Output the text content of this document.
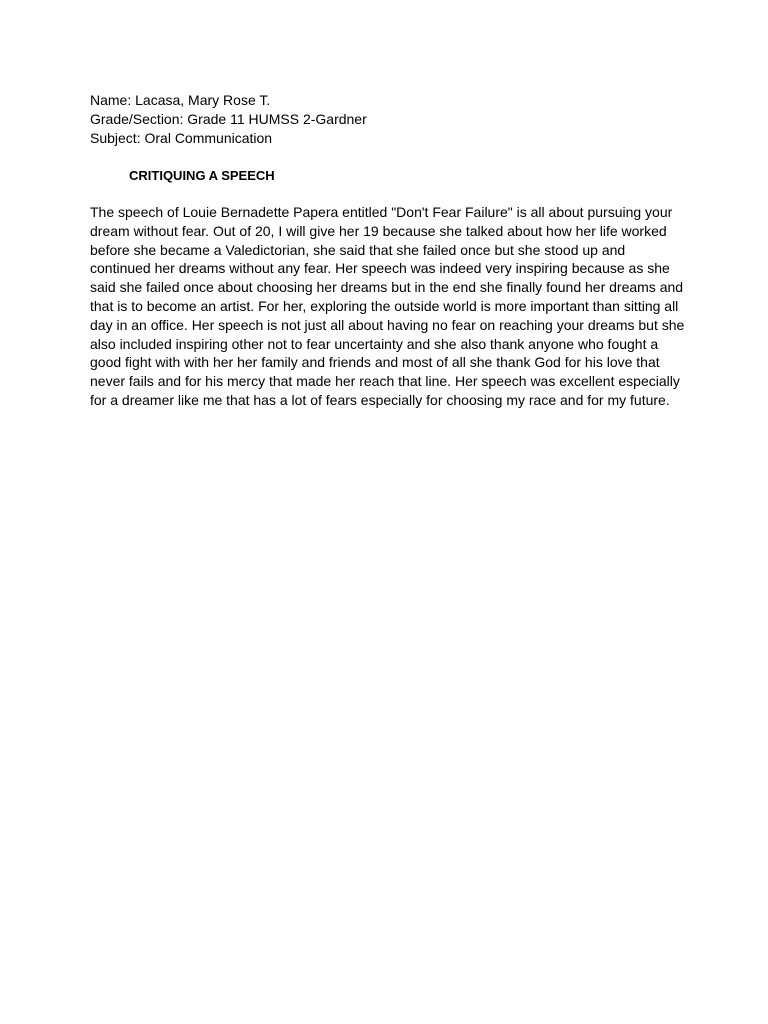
Name: Lacasa, Mary Rose T.
Grade/Section: Grade 11 HUMSS 2-Gardner
Subject: Oral Communication
CRITIQUING A SPEECH
The speech of Louie Bernadette Papera entitled "Don't Fear Failure" is all about pursuing your
dream without fear. Out of 20, I will give her 19 because she talked about how her life worked
before she became a Valedictorian, she said that she failed once but she stood up and
continued her dreams without any fear. Her speech was indeed very inspiring because as she
said she failed once about choosing her dreams but in the end she finally found her dreams and
that is to become an artist. For her, exploring the outside world is more important than sitting all
day in an office. Her speech is not just all about having no fear on reaching your dreams but she
also included inspiring other not to fear uncertainty and she also thank anyone who fought a
good fight with with her her family and friends and most of all she thank God for his love that
never fails and for his mercy that made her reach that line. Her speech was excellent especially
for a dreamer like me that has a lot of fears especially for choosing my race and for my future.
